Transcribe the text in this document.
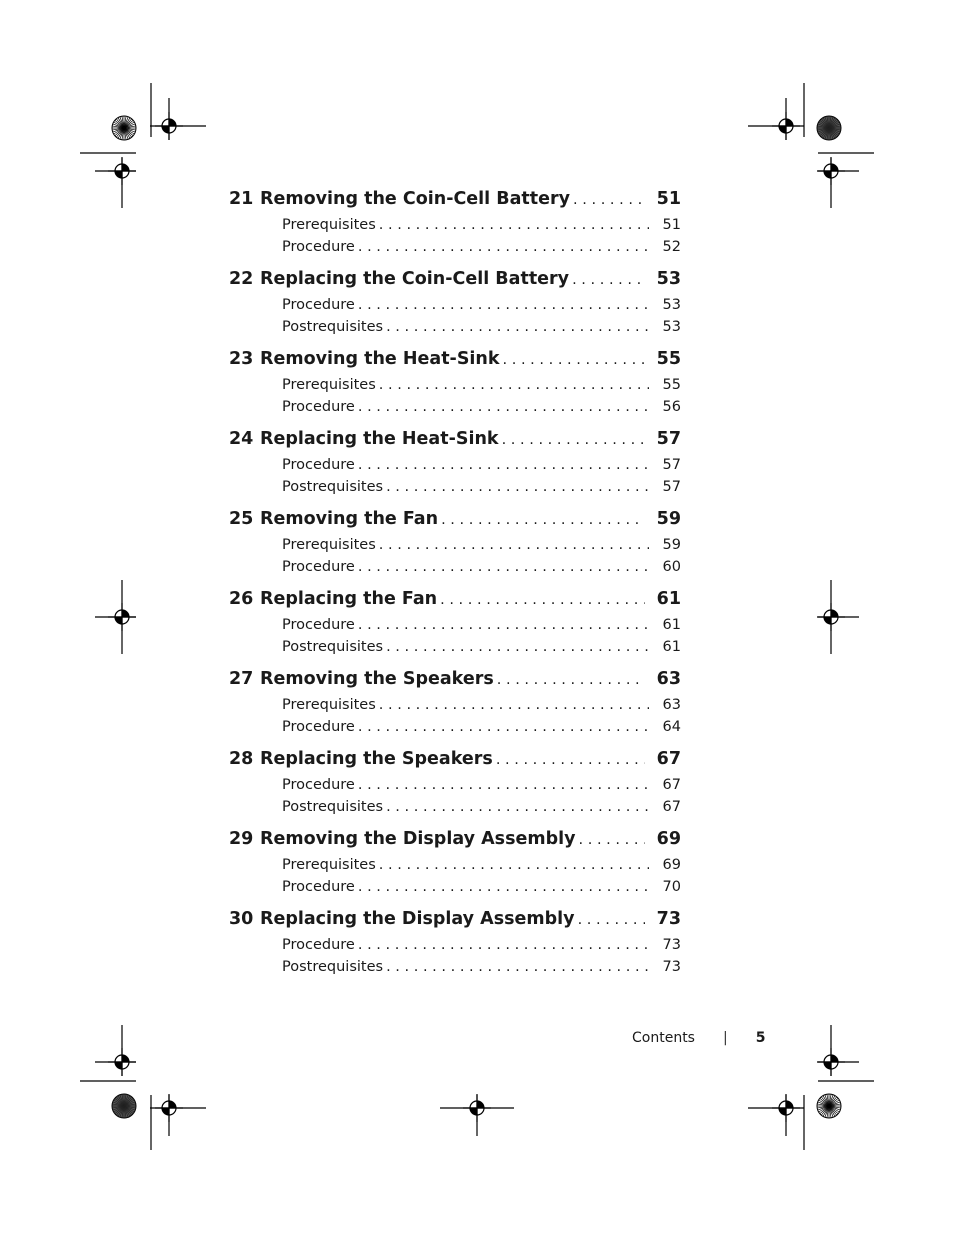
21 Removing the Coin-Cell Battery . . .	51
Prerequisites . . .	51
Procedure . . .	52
22 Replacing the Coin-Cell Battery . . .	53
Procedure . . .	53
Postrequisites . . .	53
23 Removing the Heat-Sink . . .	55
Prerequisites . . .	55
Procedure . . .	56
24 Replacing the Heat-Sink . . .	57
Procedure . . .	57
Postrequisites . . .	57
25 Removing the Fan . . .	59
Prerequisites . . .	59
Procedure . . .	60
26 Replacing the Fan . . .	61
Procedure . . .	61
Postrequisites . . .	61
27 Removing the Speakers . . .	63
Prerequisites . . .	63
Procedure . . .	64
28 Replacing the Speakers . . .	67
Procedure . . .	67
Postrequisites . . .	67
29 Removing the Display Assembly . . .	69
Prerequisites . . .	69
Procedure . . .	70
30 Replacing the Display Assembly . . .	73
Procedure . . .	73
Postrequisites . . .	73
Contents | 5
